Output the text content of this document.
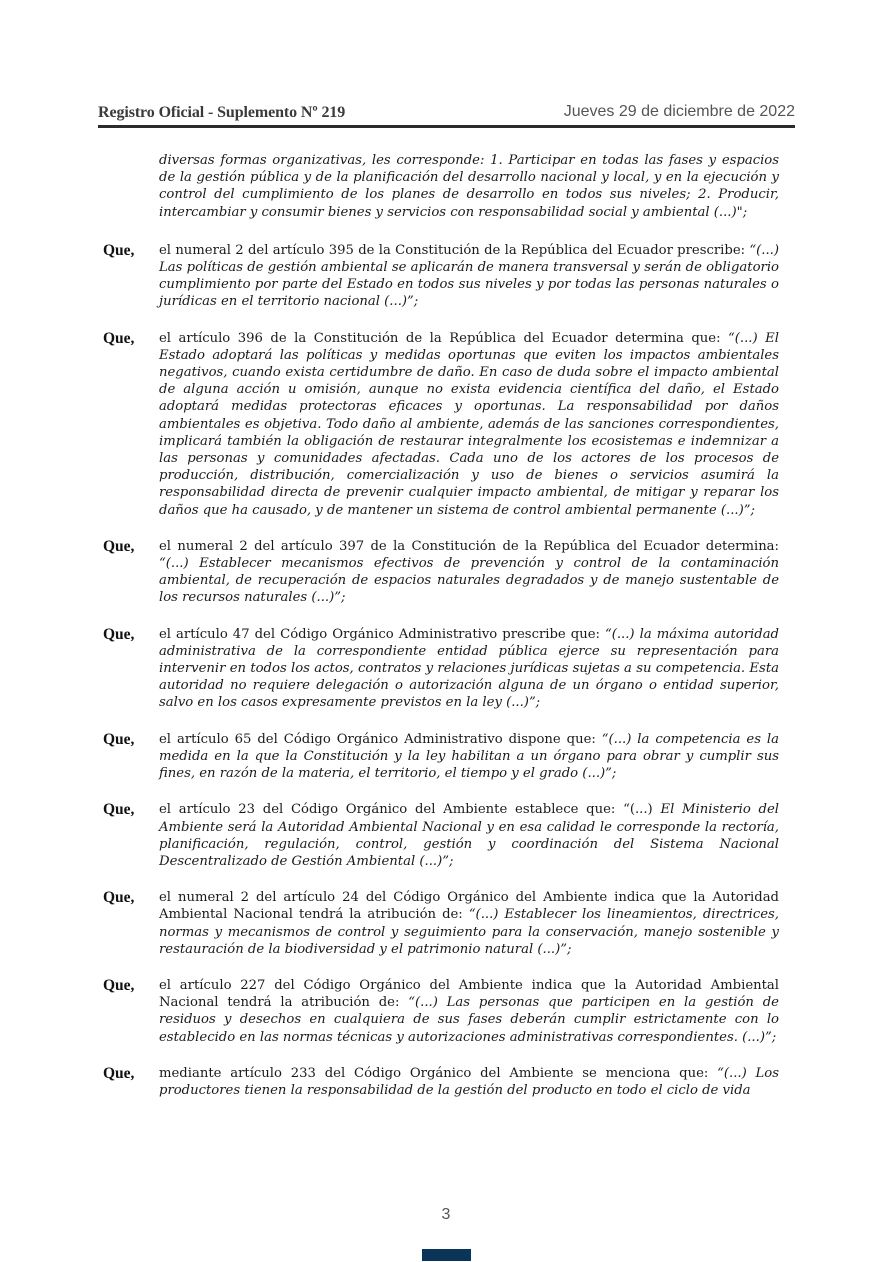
Registro Oficial - Suplemento Nº 219	Jueves 29 de diciembre de 2022
diversas formas organizativas, les corresponde: 1. Participar en todas las fases y espacios de la gestión pública y de la planificación del desarrollo nacional y local, y en la ejecución y control del cumplimiento de los planes de desarrollo en todos sus niveles; 2. Producir, intercambiar y consumir bienes y servicios con responsabilidad social y ambiental (...)";
Que, el numeral 2 del artículo 395 de la Constitución de la República del Ecuador prescribe: “(...) Las políticas de gestión ambiental se aplicarán de manera transversal y serán de obligatorio cumplimiento por parte del Estado en todos sus niveles y por todas las personas naturales o jurídicas en el territorio nacional (...)”;
Que, el artículo 396 de la Constitución de la República del Ecuador determina que: “(...) El Estado adoptará las políticas y medidas oportunas que eviten los impactos ambientales negativos, cuando exista certidumbre de daño. En caso de duda sobre el impacto ambiental de alguna acción u omisión, aunque no exista evidencia científica del daño, el Estado adoptará medidas protectoras eficaces y oportunas. La responsabilidad por daños ambientales es objetiva. Todo daño al ambiente, además de las sanciones correspondientes, implicará también la obligación de restaurar integralmente los ecosistemas e indemnizar a las personas y comunidades afectadas. Cada uno de los actores de los procesos de producción, distribución, comercialización y uso de bienes o servicios asumirá la responsabilidad directa de prevenir cualquier impacto ambiental, de mitigar y reparar los daños que ha causado, y de mantener un sistema de control ambiental permanente (...)”;
Que, el numeral 2 del artículo 397 de la Constitución de la República del Ecuador determina: “(...) Establecer mecanismos efectivos de prevención y control de la contaminación ambiental, de recuperación de espacios naturales degradados y de manejo sustentable de los recursos naturales (...)”;
Que, el artículo 47 del Código Orgánico Administrativo prescribe que: “(...) la máxima autoridad administrativa de la correspondiente entidad pública ejerce su representación para intervenir en todos los actos, contratos y relaciones jurídicas sujetas a su competencia. Esta autoridad no requiere delegación o autorización alguna de un órgano o entidad superior, salvo en los casos expresamente previstos en la ley (...)”;
Que, el artículo 65 del Código Orgánico Administrativo dispone que: “(...) la competencia es la medida en la que la Constitución y la ley habilitan a un órgano para obrar y cumplir sus fines, en razón de la materia, el territorio, el tiempo y el grado (...)”;
Que, el artículo 23 del Código Orgánico del Ambiente establece que: “(...) El Ministerio del Ambiente será la Autoridad Ambiental Nacional y en esa calidad le corresponde la rectoría, planificación, regulación, control, gestión y coordinación del Sistema Nacional Descentralizado de Gestión Ambiental (...)”;
Que, el numeral 2 del artículo 24 del Código Orgánico del Ambiente indica que la Autoridad Ambiental Nacional tendrá la atribución de: “(...) Establecer los lineamientos, directrices, normas y mecanismos de control y seguimiento para la conservación, manejo sostenible y restauración de la biodiversidad y el patrimonio natural (...)”;
Que, el artículo 227 del Código Orgánico del Ambiente indica que la Autoridad Ambiental Nacional tendrá la atribución de: “(...) Las personas que participen en la gestión de residuos y desechos en cualquiera de sus fases deberán cumplir estrictamente con lo establecido en las normas técnicas y autorizaciones administrativas correspondientes. (...)”;
Que, mediante artículo 233 del Código Orgánico del Ambiente se menciona que: “(...) Los productores tienen la responsabilidad de la gestión del producto en todo el ciclo de vida
3
